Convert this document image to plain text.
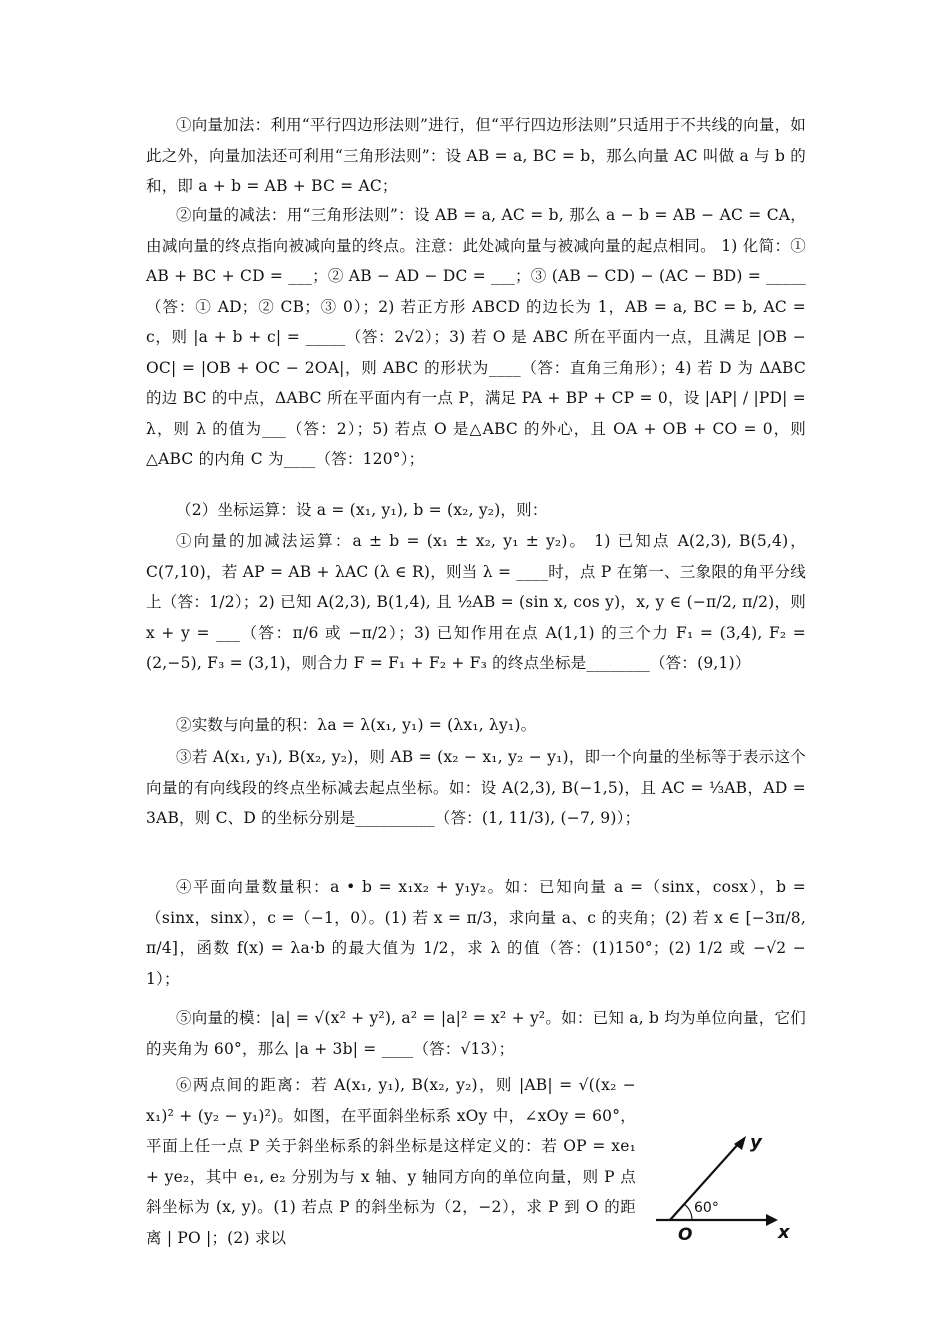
①向量加法：利用“平行四边形法则”进行，但“平行四边形法则”只适用于不共线的向量，如此之外，向量加法还可利用“三角形法则”：设 AB = a, BC = b，那么向量 AC 叫做 a 与 b 的和，即 a + b = AB + BC = AC；
②向量的减法：用“三角形法则”：设 AB = a, AC = b, 那么 a − b = AB − AC = CA，由减向量的终点指向被减向量的终点。注意：此处减向量与被减向量的起点相同。 1) 化简：① AB + BC + CD = ___；② AB − AD − DC = ___；③ (AB − CD) − (AC − BD) = _____（答：① AD；② CB；③ 0）；2) 若正方形 ABCD 的边长为 1，AB = a, BC = b, AC = c，则 |a + b + c| = _____（答：2√2）；3) 若 O 是 ABC 所在平面内一点，且满足 |OB − OC| = |OB + OC − 2OA|，则 ABC 的形状为____（答：直角三角形）；4) 若 D 为 ΔABC 的边 BC 的中点，ΔABC 所在平面内有一点 P，满足 PA + BP + CP = 0，设 |AP| / |PD| = λ，则 λ 的值为___（答：2）；5) 若点 O 是△ABC 的外心，且 OA + OB + CO = 0，则△ABC 的内角 C 为____（答：120°）；
（2）坐标运算：设 a = (x₁, y₁), b = (x₂, y₂)，则：
①向量的加减法运算：a ± b = (x₁ ± x₂, y₁ ± y₂)。 1) 已知点 A(2,3), B(5,4)，C(7,10)，若 AP = AB + λAC (λ ∈ R)，则当 λ = ____时，点 P 在第一、三象限的角平分线上（答：1/2）；2) 已知 A(2,3), B(1,4), 且 ½AB = (sin x, cos y)，x, y ∈ (−π/2, π/2)，则 x + y = ___（答：π/6 或 −π/2）；3) 已知作用在点 A(1,1) 的三个力 F₁ = (3,4), F₂ = (2,−5), F₃ = (3,1)，则合力 F = F₁ + F₂ + F₃ 的终点坐标是________（答：(9,1)）
②实数与向量的积：λa = λ(x₁, y₁) = (λx₁, λy₁)。
③若 A(x₁, y₁), B(x₂, y₂)，则 AB = (x₂ − x₁, y₂ − y₁)，即一个向量的坐标等于表示这个向量的有向线段的终点坐标减去起点坐标。如：设 A(2,3), B(−1,5)，且 AC = ⅓AB，AD = 3AB，则 C、D 的坐标分别是__________（答：(1, 11/3), (−7, 9)）；
④平面向量数量积：a • b = x₁x₂ + y₁y₂。如：已知向量 a =（sinx，cosx），b =（sinx，sinx），c =（−1，0）。(1) 若 x = π/3，求向量 a、c 的夹角；(2) 若 x ∈ [−3π/8, π/4]，函数 f(x) = λa·b 的最大值为 1/2，求 λ 的值（答：(1)150°；(2) 1/2 或 −√2 − 1）；
⑤向量的模：|a| = √(x² + y²), a² = |a|² = x² + y²。如：已知 a, b 均为单位向量，它们的夹角为 60°，那么 |a + 3b| = ____（答：√13）；
⑥两点间的距离：若 A(x₁, y₁), B(x₂, y₂)，则 |AB| = √((x₂ − x₁)² + (y₂ − y₁)²)。如图，在平面斜坐标系 xOy 中，∠xOy = 60°，平面上任一点 P 关于斜坐标系的斜坐标是这样定义的：若 OP = xe₁ + ye₂，其中 e₁, e₂ 分别为与 x 轴、y 轴同方向的单位向量，则 P 点斜坐标为 (x, y)。(1) 若点 P 的斜坐标为（2，−2），求 P 到 O 的距离 | PO |；(2) 求以
y
x
O
60°
